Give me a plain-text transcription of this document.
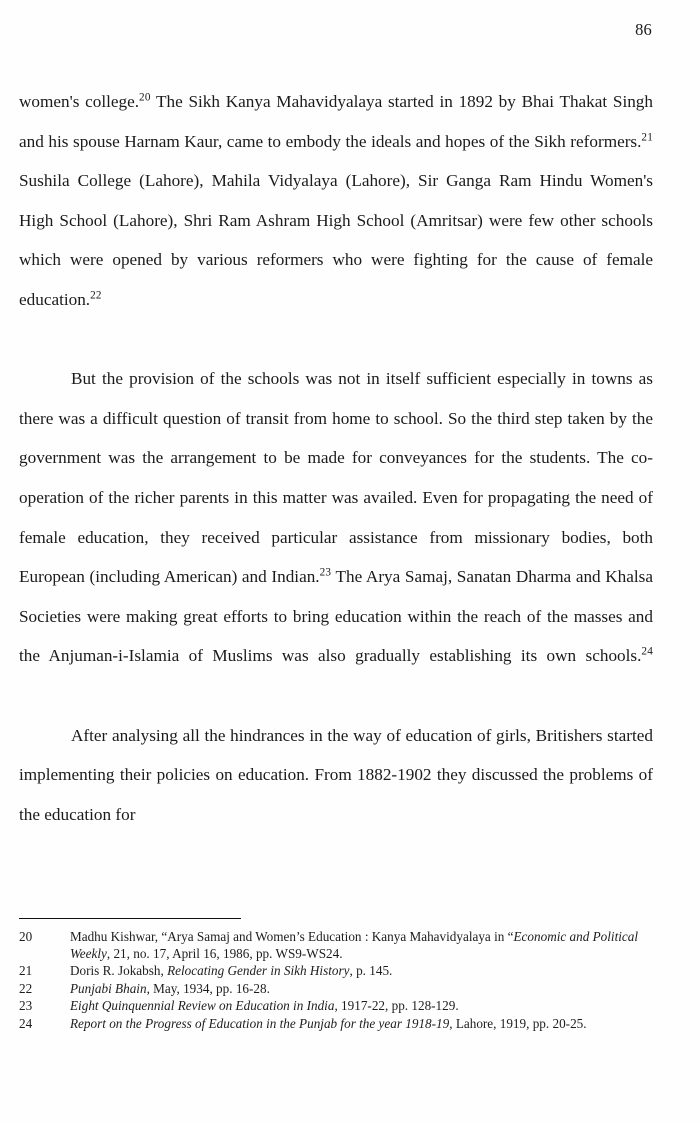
86

women's college.$^{20}$ The Sikh Kanya Mahavidyalaya started in 1892 by Bhai Thakat Singh and his spouse Harnam Kaur, came to embody the ideals and hopes of the Sikh reformers.$^{21}$ Sushila College (Lahore), Mahila Vidyalaya (Lahore), Sir Ganga Ram Hindu Women's High School (Lahore), Shri Ram Ashram High School (Amritsar) were few other schools which were opened by various reformers who were fighting for the cause of female education.$^{22}$

But the provision of the schools was not in itself sufficient especially in towns as there was a difficult question of transit from home to school. So the third step taken by the government was the arrangement to be made for conveyances for the students. The co-operation of the richer parents in this matter was availed. Even for propagating the need of female education, they received particular assistance from missionary bodies, both European (including American) and Indian.$^{23}$ The Arya Samaj, Sanatan Dharma and Khalsa Societies were making great efforts to bring education within the reach of the masses and the Anjuman-i-Islamia of Muslims was also gradually establishing its own schools.$^{24}$

After analysing all the hindrances in the way of education of girls, Britishers started implementing their policies on education. From 1882-1902 they discussed the problems of the education for

20	Madhu Kishwar, “Arya Samaj and Women’s Education : Kanya Mahavidyalaya in “Economic and Political Weekly, 21, no. 17, April 16, 1986, pp. WS9-WS24.
21	Doris R. Jokabsh, Relocating Gender in Sikh History, p. 145.
22	Punjabi Bhain, May, 1934, pp. 16-28.
23	Eight Quinquennial Review on Education in India, 1917-22, pp. 128-129.
24	Report on the Progress of Education in the Punjab for the year 1918-19, Lahore, 1919, pp. 20-25.
